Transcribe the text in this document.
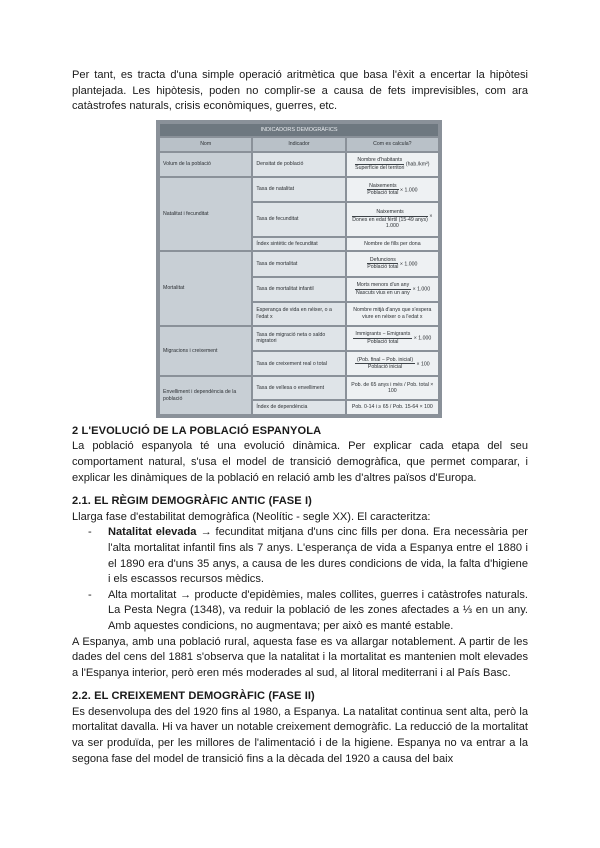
Per tant, es tracta d'una simple operació aritmètica que basa l'èxit a encertar la hipòtesi plantejada. Les hipòtesis, poden no complir-se a causa de fets imprevisibles, com ara catàstrofes naturals, crisis econòmiques, guerres, etc.

INDICADORS DEMOGRÀFICS		
Nom	Indicador	Com es calcula?
Volum de la població	Densitat de població	$\frac{\text{Nombre d'habitants}}{\text{Superfície del territori}} (hab./km^2)$
Natalitat i fecunditat	Taxa de natalitat	$\frac{\text{Naixements}}{\text{Població total}} \times 1.000$
	Taxa de fecunditat	$\frac{\text{Naixements}}{\text{Dones en edat fèrtil (15-49 anys)}} \times 1.000$
	Índex sintètic de fecunditat	Nombre de fills per dona
Mortalitat	Taxa de mortalitat	$\frac{\text{Defuncions}}{\text{Població total}} \times 1.000$
	Taxa de mortalitat infantil	$\frac{\text{Morts menors d'un any}}{\text{Nascuts vius en un any}} \times 1.000$
	Esperança de vida en néixer, o a l'edat x	Nombre mitjà d'anys que s'espera viure en néixer o a l'edat x
Migracions i creixement	Taxa de migració neta o saldo migratori	$\frac{\text{Immigrants − Emigrants}}{\text{Població total}} \times 1.000$
	Taxa de creixement real o total	$\frac{\text{(Pob. final − Pob. inicial)}}{\text{Població inicial}} \times 100$
Envelliment i dependència de la població	Taxa de vellesa o envelliment	Pob. de 65 anys i més / Pob. total × 100
	Índex de dependència	Pob. 0-14 i ≥ 65 / Pob. 15-64 × 100
2 L'EVOLUCIÓ DE LA POBLACIÓ ESPANYOLA

La població espanyola té una evolució dinàmica. Per explicar cada etapa del seu comportament natural, s'usa el model de transició demogràfica, que permet comparar, i explicar les dinàmiques de la població en relació amb les d'altres països d'Europa.

2.1. EL RÈGIM DEMOGRÀFIC ANTIC (FASE I)

Llarga fase d'estabilitat demogràfica (Neolític - segle XX). El caracteritza:

- Natalitat elevada → fecunditat mitjana d'uns cinc fills per dona. Era necessària per l'alta mortalitat infantil fins als 7 anys. L'esperança de vida a Espanya entre el 1880 i el 1890 era d'uns 35 anys, a causa de les dures condicions de vida, la falta d'higiene i els escassos recursos mèdics.
- Alta mortalitat → producte d'epidèmies, males collites, guerres i catàstrofes naturals. La Pesta Negra (1348), va reduir la població de les zones afectades a ⅓ en un any. Amb aquestes condicions, no augmentava; per això es manté estable.

A Espanya, amb una població rural, aquesta fase es va allargar notablement. A partir de les dades del cens del 1881 s'observa que la natalitat i la mortalitat es mantenien molt elevades a l'Espanya interior, però eren més moderades al sud, al litoral mediterrani i al País Basc.

2.2. EL CREIXEMENT DEMOGRÀFIC (FASE II)

Es desenvolupa des del 1920 fins al 1980, a Espanya. La natalitat continua sent alta, però la mortalitat davalla. Hi va haver un notable creixement demogràfic. La reducció de la mortalitat va ser produïda, per les millores de l'alimentació i de la higiene. Espanya no va entrar a la segona fase del model de transició fins a la dècada del 1920 a causa del baix
